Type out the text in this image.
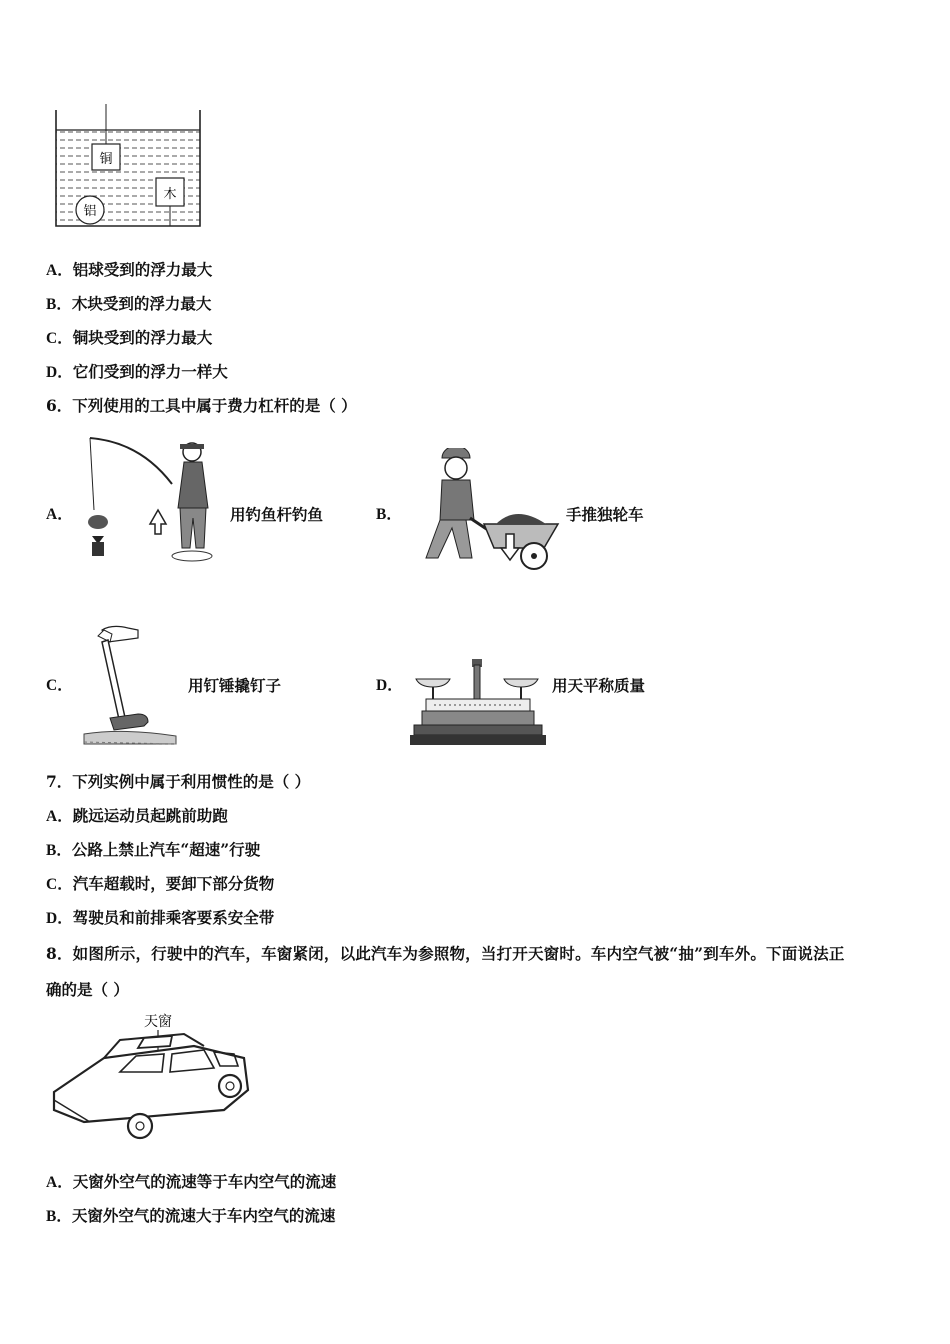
铜
木
铝
A．铝球受到的浮力最大
B．木块受到的浮力最大
C．铜块受到的浮力最大
D．它们受到的浮力一样大
6．下列使用的工具中属于费力杠杆的是（ ）
A．	用钓鱼杆钓鱼	B．	手推独轮车
C．	用钉锤撬钉子	D．	用天平称质量
7．下列实例中属于利用惯性的是（ ）
A．跳远运动员起跳前助跑
B．公路上禁止汽车“超速”行驶
C．汽车超载时，要卸下部分货物
D．驾驶员和前排乘客要系安全带
8．如图所示，行驶中的汽车，车窗紧闭，以此汽车为参照物，当打开天窗时。车内空气被“抽”到车外。下面说法正
确的是（ ）
天窗
A．天窗外空气的流速等于车内空气的流速
B．天窗外空气的流速大于车内空气的流速
